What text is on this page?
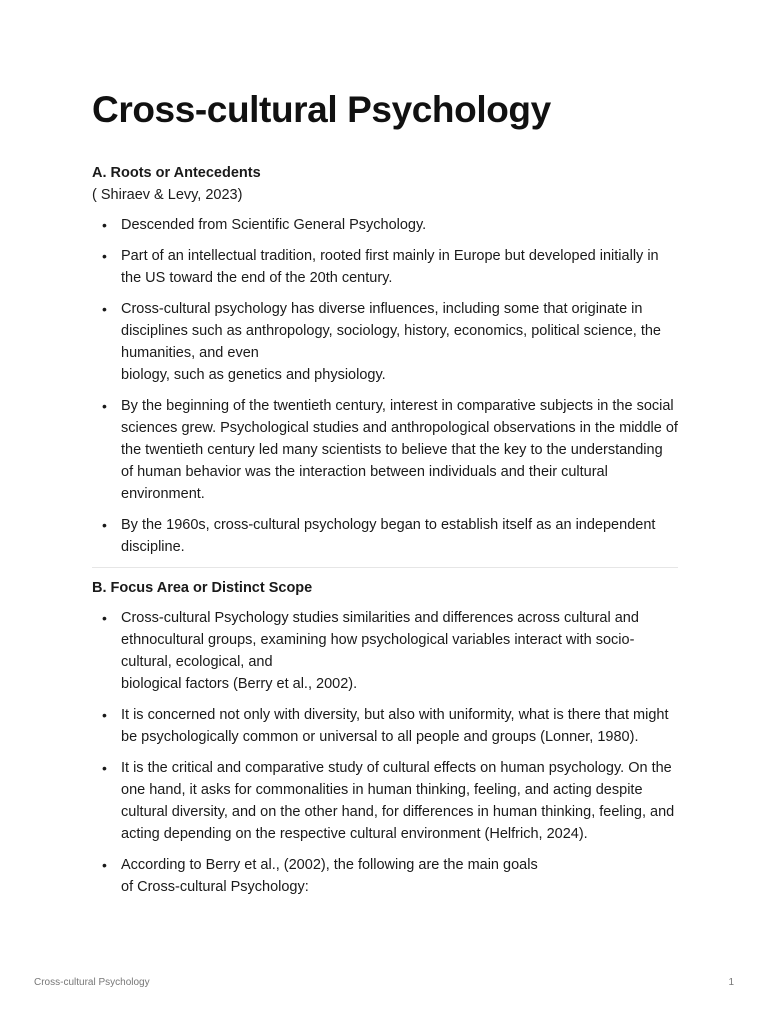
Cross-cultural Psychology

A. Roots or Antecedents

( Shiraev & Levy, 2023)

• Descended from Scientific General Psychology.
• Part of an intellectual tradition, rooted first mainly in Europe but developed initially in the US toward the end of the 20th century.
• Cross-cultural psychology has diverse influences, including some that originate in disciplines such as anthropology, sociology, history, economics, political science, the humanities, and even
biology, such as genetics and physiology.
• By the beginning of the twentieth century, interest in comparative subjects in the social sciences grew. Psychological studies and anthropological observations in the middle of the twentieth century led many scientists to believe that the key to the understanding of human behavior was the interaction between individuals and their cultural environment.
• By the 1960s, cross-cultural psychology began to establish itself as an independent discipline.

B. Focus Area or Distinct Scope

• Cross-cultural Psychology studies similarities and differences across cultural and ethnocultural groups, examining how psychological variables interact with socio-cultural, ecological, and
biological factors (Berry et al., 2002).
• It is concerned not only with diversity, but also with uniformity, what is there that might be psychologically common or universal to all people and groups (Lonner, 1980).
• It is the critical and comparative study of cultural effects on human psychology. On the one hand, it asks for commonalities in human thinking, feeling, and acting despite cultural diversity, and on the other hand, for differences in human thinking, feeling, and acting depending on the respective cultural environment (Helfrich, 2024).
• According to Berry et al., (2002), the following are the main goals
of Cross-cultural Psychology:
Cross-cultural Psychology	1
